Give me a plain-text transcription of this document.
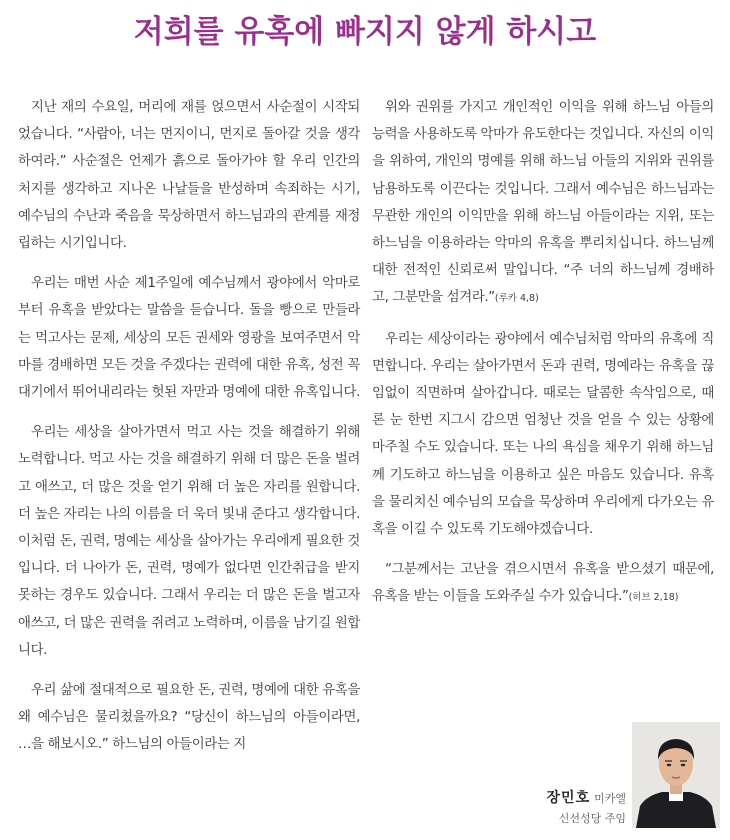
저희를 유혹에 빠지지 않게 하시고

지난 재의 수요일, 머리에 재를 얹으면서 사순절이 시작되었습니다. “사람아, 너는 먼지이니, 먼지로 돌아갈 것을 생각하여라.” 사순절은 언제가 흙으로 돌아가야 할 우리 인간의 처지를 생각하고 지나온 나날들을 반성하며 속죄하는 시기, 예수님의 수난과 죽음을 묵상하면서 하느님과의 관계를 재정립하는 시기입니다.

우리는 매번 사순 제1주일에 예수님께서 광야에서 악마로부터 유혹을 받았다는 말씀을 듣습니다. 돌을 빵으로 만들라는 먹고사는 문제, 세상의 모든 권세와 영광을 보여주면서 악마를 경배하면 모든 것을 주겠다는 권력에 대한 유혹, 성전 꼭대기에서 뛰어내리라는 헛된 자만과 명예에 대한 유혹입니다.

우리는 세상을 살아가면서 먹고 사는 것을 해결하기 위해 노력합니다. 먹고 사는 것을 해결하기 위해 더 많은 돈을 벌려고 애쓰고, 더 많은 것을 얻기 위해 더 높은 자리를 원합니다. 더 높은 자리는 나의 이름을 더 욱더 빛내 준다고 생각합니다. 이처럼 돈, 권력, 명예는 세상을 살아가는 우리에게 필요한 것입니다. 더 나아가 돈, 권력, 명예가 없다면 인간취급을 받지 못하는 경우도 있습니다. 그래서 우리는 더 많은 돈을 벌고자 애쓰고, 더 많은 권력을 쥐려고 노력하며, 이름을 남기길 원합니다.

우리 삶에 절대적으로 필요한 돈, 권력, 명예에 대한 유혹을 왜 예수님은 물리쳤을까요? “당신이 하느님의 아들이라면, …을 해보시오.” 하느님의 아들이라는 지

위와 권위를 가지고 개인적인 이익을 위해 하느님 아들의 능력을 사용하도록 악마가 유도한다는 것입니다. 자신의 이익을 위하여, 개인의 명예를 위해 하느님 아들의 지위와 권위를 남용하도록 이끈다는 것입니다. 그래서 예수님은 하느님과는 무관한 개인의 이익만을 위해 하느님 아들이라는 지위, 또는 하느님을 이용하라는 악마의 유혹을 뿌리치십니다. 하느님께 대한 전적인 신뢰로써 말입니다. “주 너의 하느님께 경배하고, 그분만을 섬겨라.”(루카 4,8)

우리는 세상이라는 광야에서 예수님처럼 악마의 유혹에 직면합니다. 우리는 살아가면서 돈과 권력, 명예라는 유혹을 끊임없이 직면하며 살아갑니다. 때로는 달콤한 속삭임으로, 때론 눈 한번 지그시 감으면 엄청난 것을 얻을 수 있는 상황에 마주칠 수도 있습니다. 또는 나의 욕심을 채우기 위해 하느님께 기도하고 하느님을 이용하고 싶은 마음도 있습니다. 유혹을 물리치신 예수님의 모습을 묵상하며 우리에게 다가오는 유혹을 이길 수 있도록 기도해야겠습니다.

“그분께서는 고난을 겪으시면서 유혹을 받으셨기 때문에, 유혹을 받는 이들을 도와주실 수가 있습니다.”(히브 2,18)

장민호 미카엘
신선성당 주임
